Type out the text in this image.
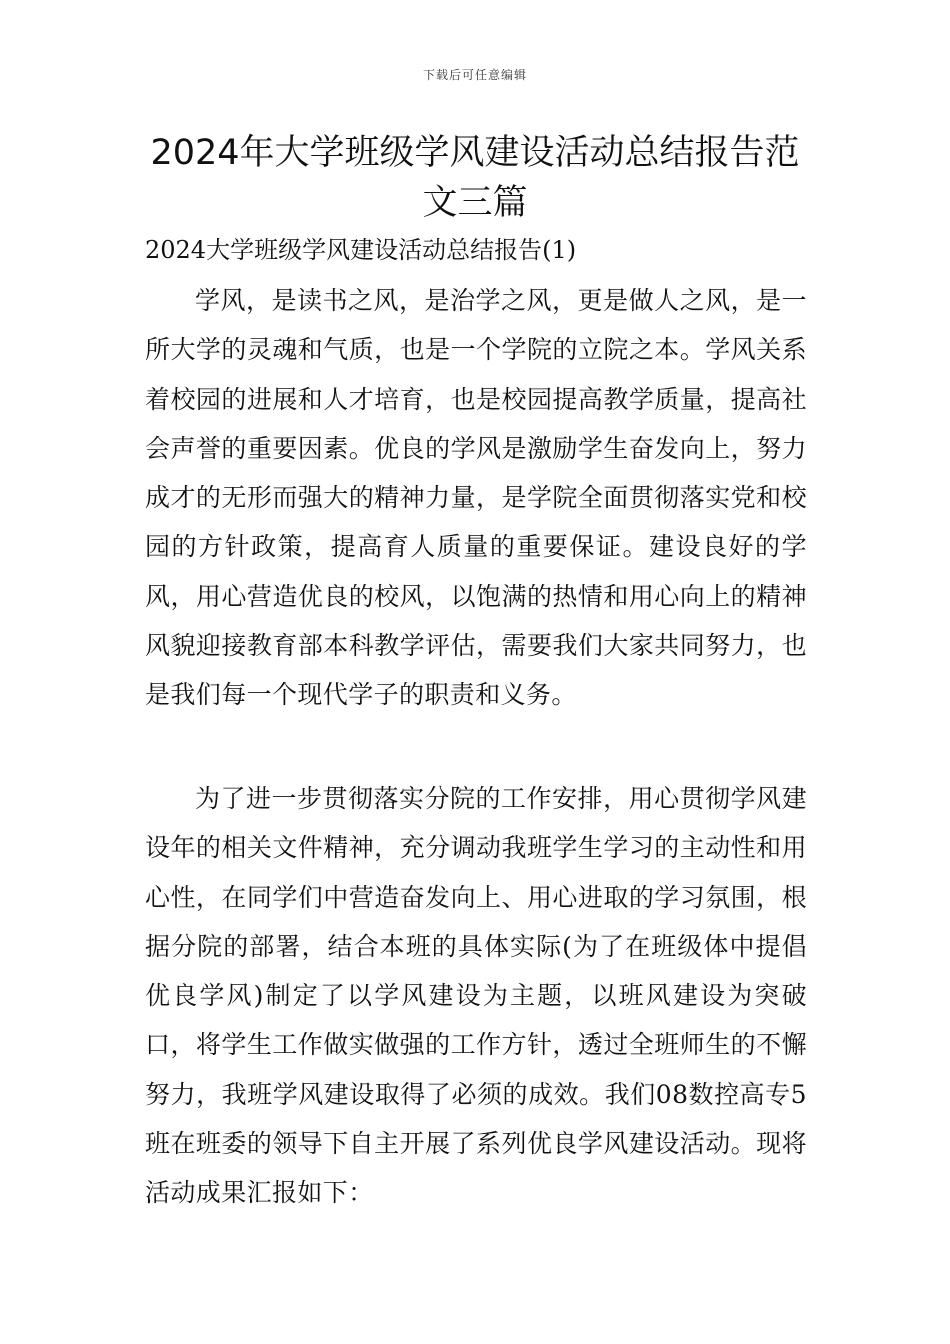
下载后可任意编辑
2024年大学班级学风建设活动总结报告范文三篇

2024大学班级学风建设活动总结报告(1)

学风，是读书之风，是治学之风，更是做人之风，是一所大学的灵魂和气质，也是一个学院的立院之本。学风关系着校园的进展和人才培育，也是校园提高教学质量，提高社会声誉的重要因素。优良的学风是激励学生奋发向上，努力成才的无形而强大的精神力量，是学院全面贯彻落实党和校园的方针政策，提高育人质量的重要保证。建设良好的学风，用心营造优良的校风，以饱满的热情和用心向上的精神风貌迎接教育部本科教学评估，需要我们大家共同努力，也是我们每一个现代学子的职责和义务。

为了进一步贯彻落实分院的工作安排，用心贯彻学风建设年的相关文件精神，充分调动我班学生学习的主动性和用心性，在同学们中营造奋发向上、用心进取的学习氛围，根据分院的部署，结合本班的具体实际(为了在班级体中提倡优良学风)制定了以学风建设为主题，以班风建设为突破口，将学生工作做实做强的工作方针，透过全班师生的不懈努力，我班学风建设取得了必须的成效。我们08数控高专5班在班委的领导下自主开展了系列优良学风建设活动。现将活动成果汇报如下：
